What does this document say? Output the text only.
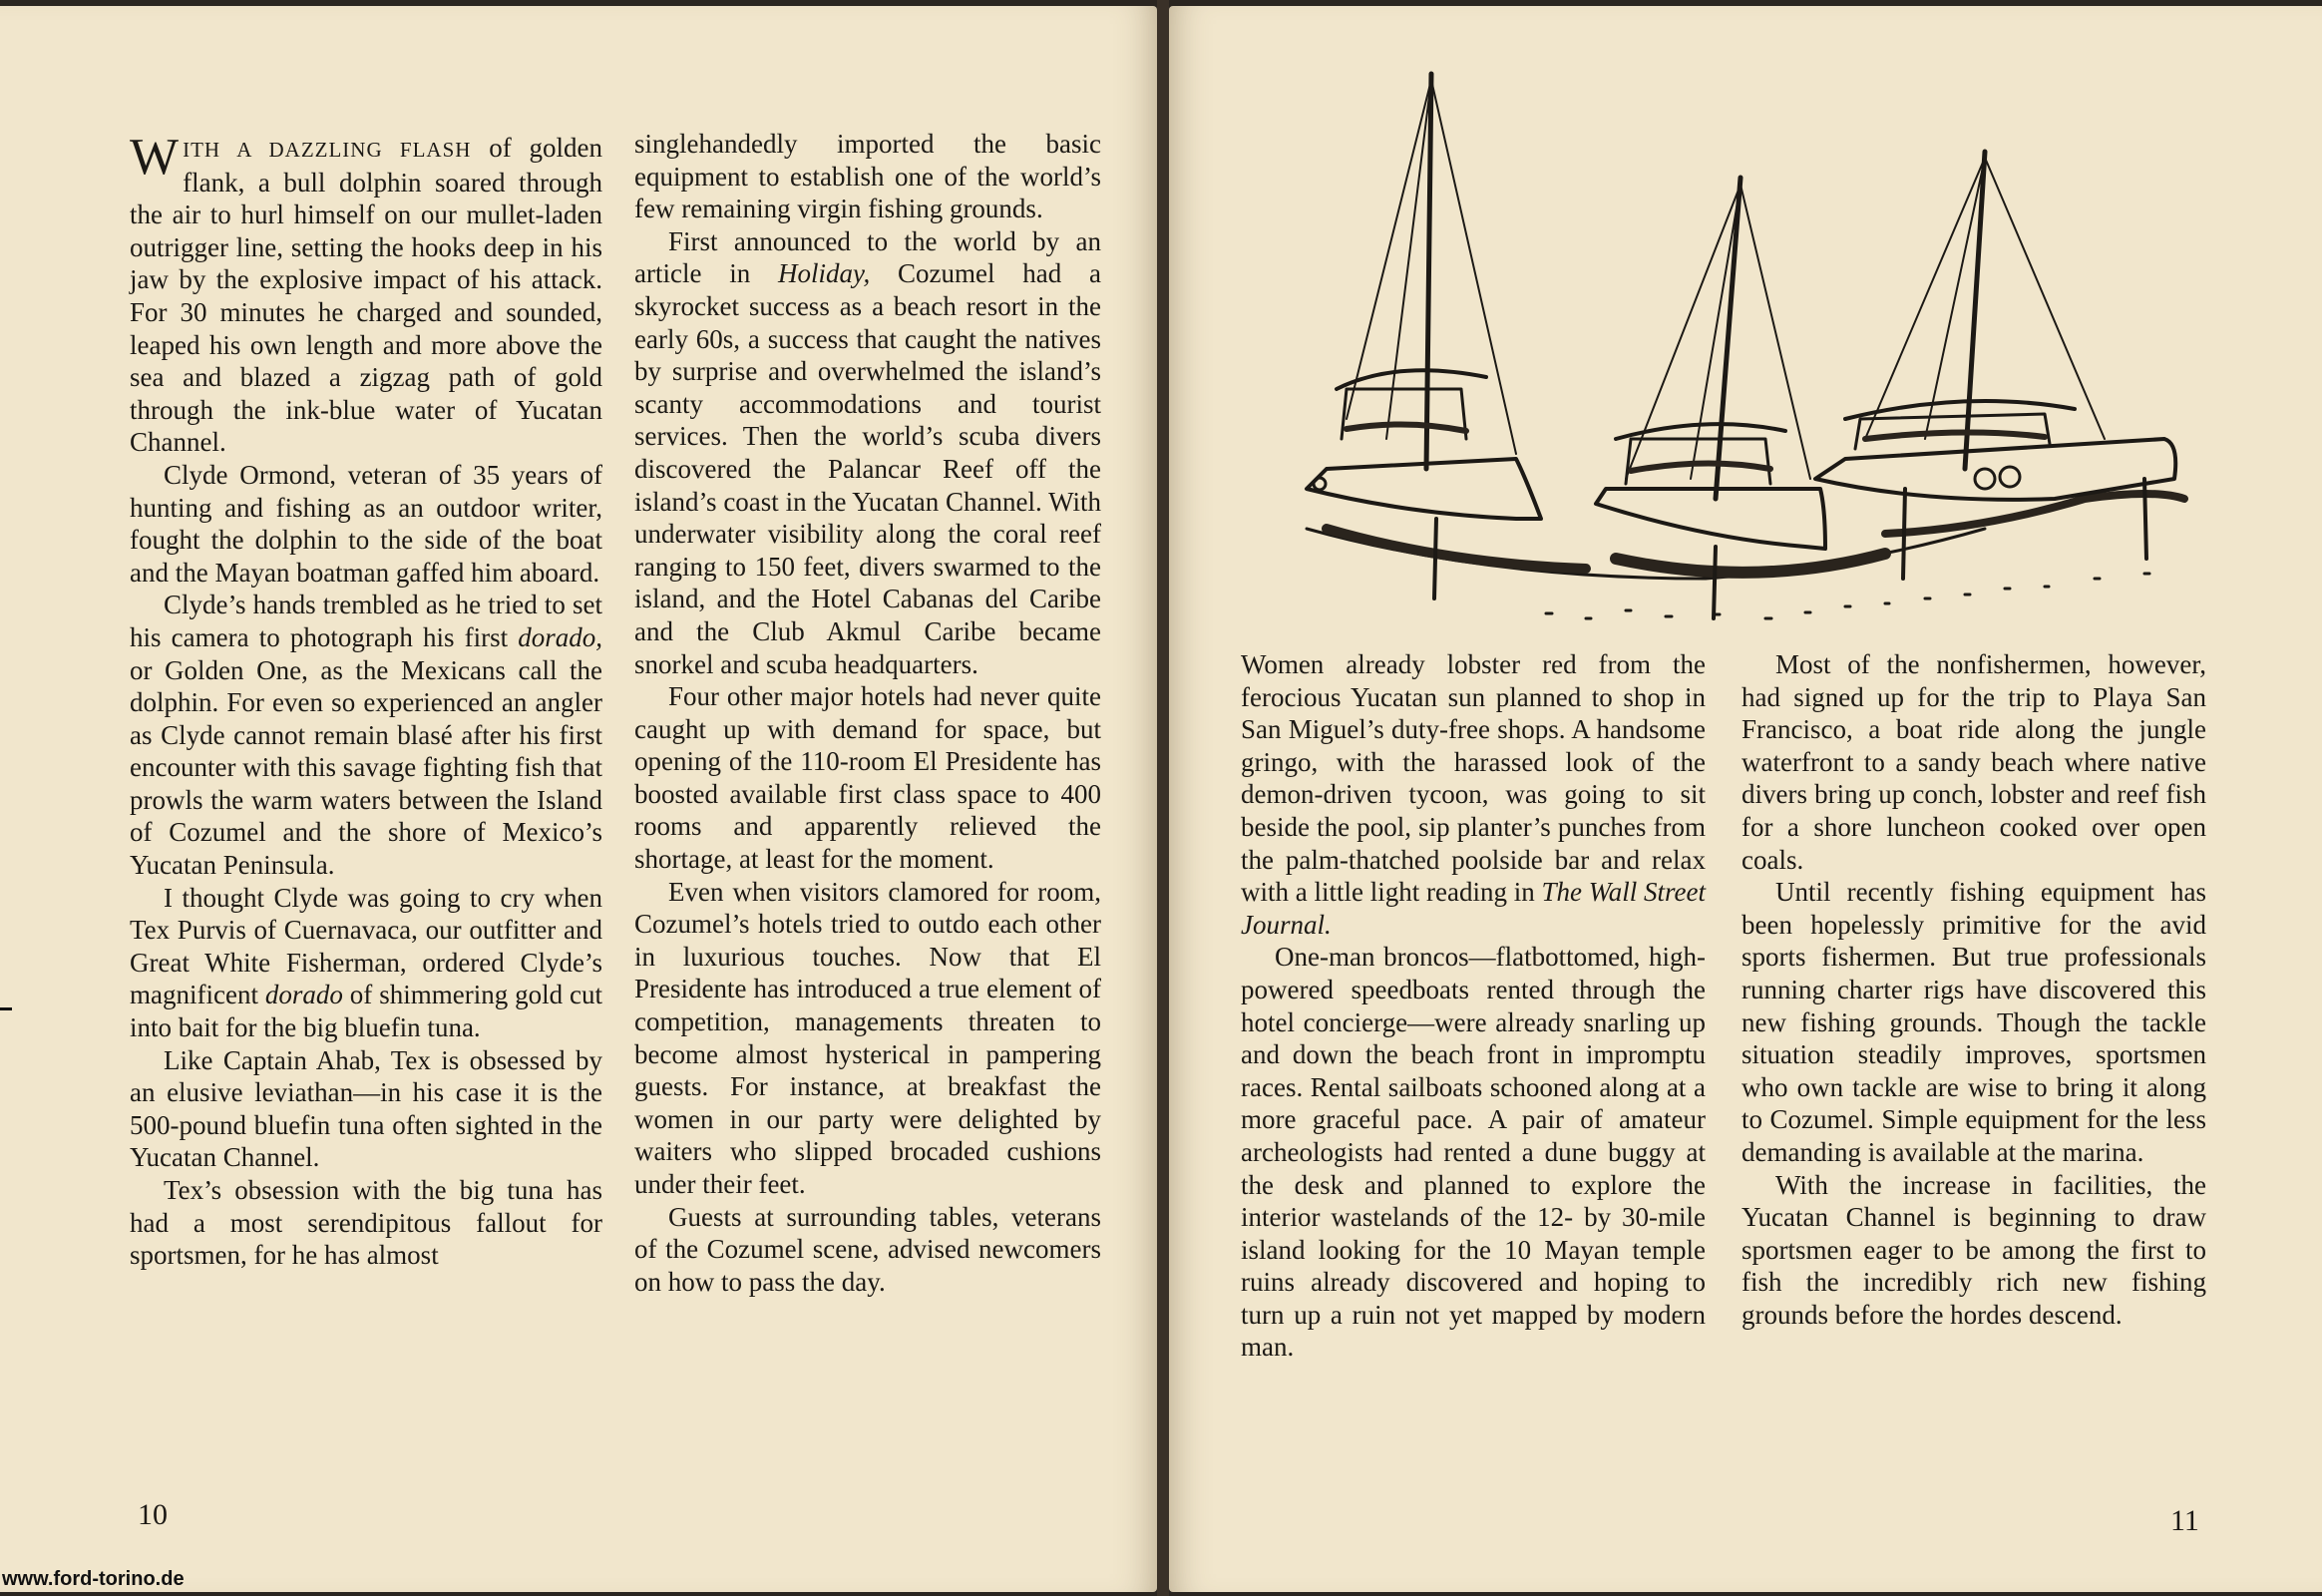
WITH A DAZZLING FLASH of golden flank, a bull dolphin soared through the air to hurl himself on our mullet-laden outrigger line, setting the hooks deep in his jaw by the explosive impact of his attack. For 30 minutes he charged and sounded, leaped his own length and more above the sea and blazed a zigzag path of gold through the ink-blue water of Yucatan Channel.

Clyde Ormond, veteran of 35 years of hunting and fishing as an outdoor writer, fought the dolphin to the side of the boat and the Mayan boatman gaffed him aboard.

Clyde’s hands trembled as he tried to set his camera to photograph his first dorado, or Golden One, as the Mexicans call the dolphin. For even so experienced an angler as Clyde cannot remain blasé after his first encounter with this savage fighting fish that prowls the warm waters between the Island of Cozumel and the shore of Mexico’s Yucatan Peninsula.

I thought Clyde was going to cry when Tex Purvis of Cuernavaca, our outfitter and Great White Fisherman, ordered Clyde’s magnificent dorado of shimmering gold cut into bait for the big bluefin tuna.

Like Captain Ahab, Tex is obsessed by an elusive leviathan—in his case it is the 500-pound bluefin tuna often sighted in the Yucatan Channel.

Tex’s obsession with the big tuna has had a most serendipitous fallout for sportsmen, for he has almost

singlehandedly imported the basic equipment to establish one of the world’s few remaining virgin fishing grounds.

First announced to the world by an article in Holiday, Cozumel had a skyrocket success as a beach resort in the early 60s, a success that caught the natives by surprise and overwhelmed the island’s scanty accommodations and tourist services. Then the world’s scuba divers discovered the Palancar Reef off the island’s coast in the Yucatan Channel. With underwater visibility along the coral reef ranging to 150 feet, divers swarmed to the island, and the Hotel Cabanas del Caribe and the Club Akmul Caribe became snorkel and scuba headquarters.

Four other major hotels had never quite caught up with demand for space, but opening of the 110-room El Presidente has boosted available first class space to 400 rooms and apparently relieved the shortage, at least for the moment.

Even when visitors clamored for room, Cozumel’s hotels tried to outdo each other in luxurious touches. Now that El Presidente has introduced a true element of competition, managements threaten to become almost hysterical in pampering guests. For instance, at breakfast the women in our party were delighted by waiters who slipped brocaded cushions under their feet.

Guests at surrounding tables, veterans of the Cozumel scene, advised newcomers on how to pass the day.

10

Women already lobster red from the ferocious Yucatan sun planned to shop in San Miguel’s duty-free shops. A handsome gringo, with the harassed look of the demon-driven tycoon, was going to sit beside the pool, sip planter’s punches from the palm-thatched poolside bar and relax with a little light reading in The Wall Street Journal.

One-man broncos—flatbottomed, high-powered speedboats rented through the hotel concierge—were already snarling up and down the beach front in impromptu races. Rental sailboats schooned along at a more graceful pace. A pair of amateur archeologists had rented a dune buggy at the desk and planned to explore the interior wastelands of the 12- by 30-mile island looking for the 10 Mayan temple ruins already discovered and hoping to turn up a ruin not yet mapped by modern man.

Most of the nonfishermen, however, had signed up for the trip to Playa San Francisco, a boat ride along the jungle waterfront to a sandy beach where native divers bring up conch, lobster and reef fish for a shore luncheon cooked over open coals.

Until recently fishing equipment has been hopelessly primitive for the avid sports fishermen. But true professionals running charter rigs have discovered this new fishing grounds. Though the tackle situation steadily improves, sportsmen who own tackle are wise to bring it along to Cozumel. Simple equipment for the less demanding is available at the marina.

With the increase in facilities, the Yucatan Channel is beginning to draw sportsmen eager to be among the first to fish the incredibly rich new fishing grounds before the hordes descend.

11
www.ford-torino.de
